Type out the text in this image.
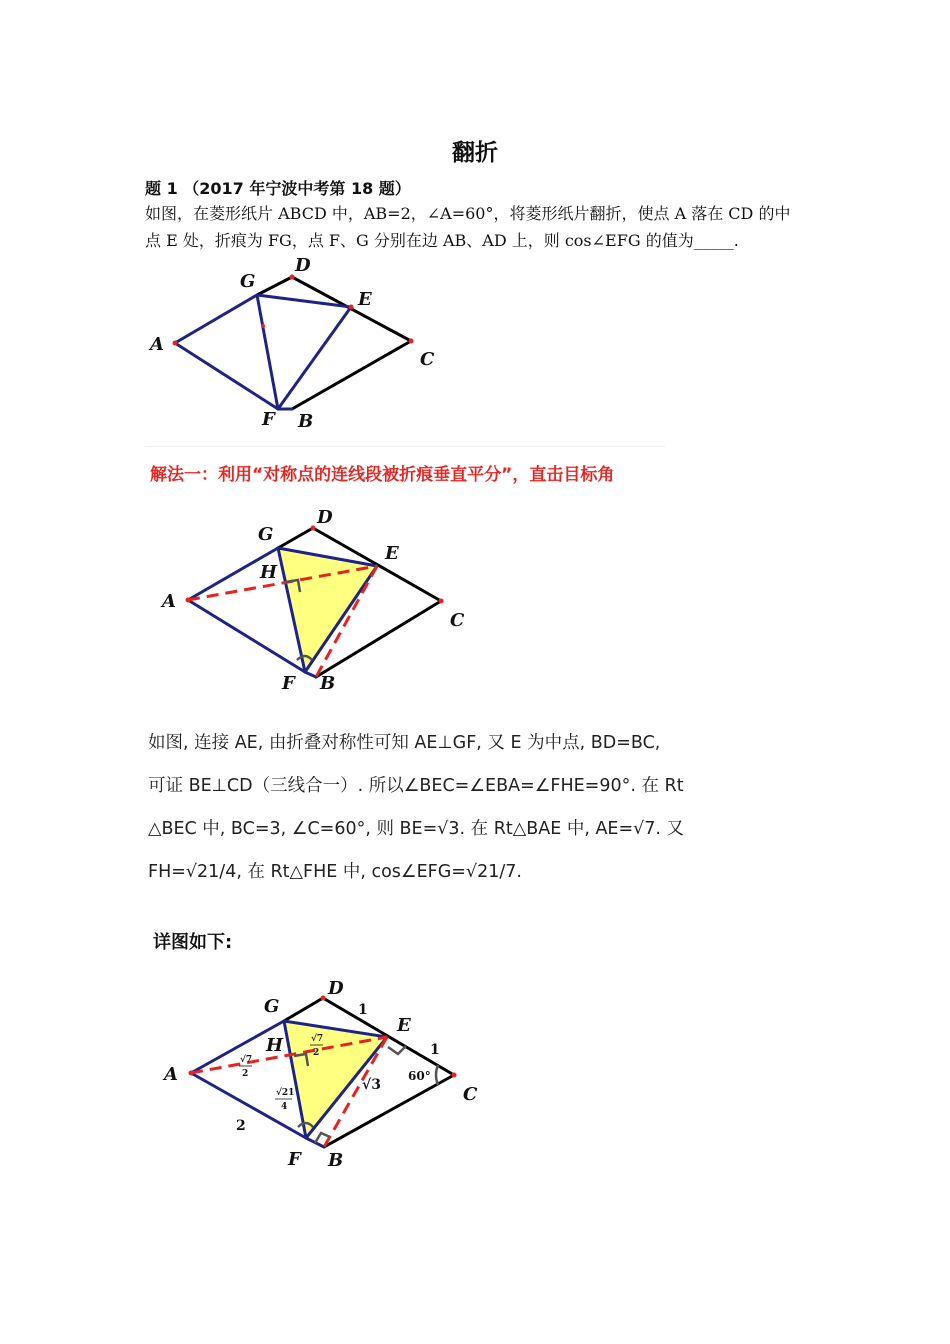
翻折
题 1 （2017 年宁波中考第 18 题）
如图，在菱形纸片 ABCD 中，AB=2，∠A=60°，将菱形纸片翻折，使点 A 落在 CD 的中
点 E 处，折痕为 FG，点 F、G 分别在边 AB、AD 上，则 cos∠EFG 的值为_____.
A
C
D
G
E
F B
解法一：利用“对称点的连线段被折痕垂直平分”，直击目标角
A
C
D
G
H
E
F B
如图, 连接 AE, 由折叠对称性可知 AE⊥GF, 又 E 为中点, BD=BC,
可证 BE⊥CD（三线合一）. 所以∠BEC=∠EBA=∠FHE=90°. 在 Rt
△BEC 中, BC=3, ∠C=60°, 则 BE=√3. 在 Rt△BAE 中, AE=√7. 又
FH=√21/4, 在 Rt△FHE 中, cos∠EFG=√21/7.
详图如下:
A
C
D
G
H
E
F B
1
1
60°
√3
2
√7
2
√7
2
√21
4
